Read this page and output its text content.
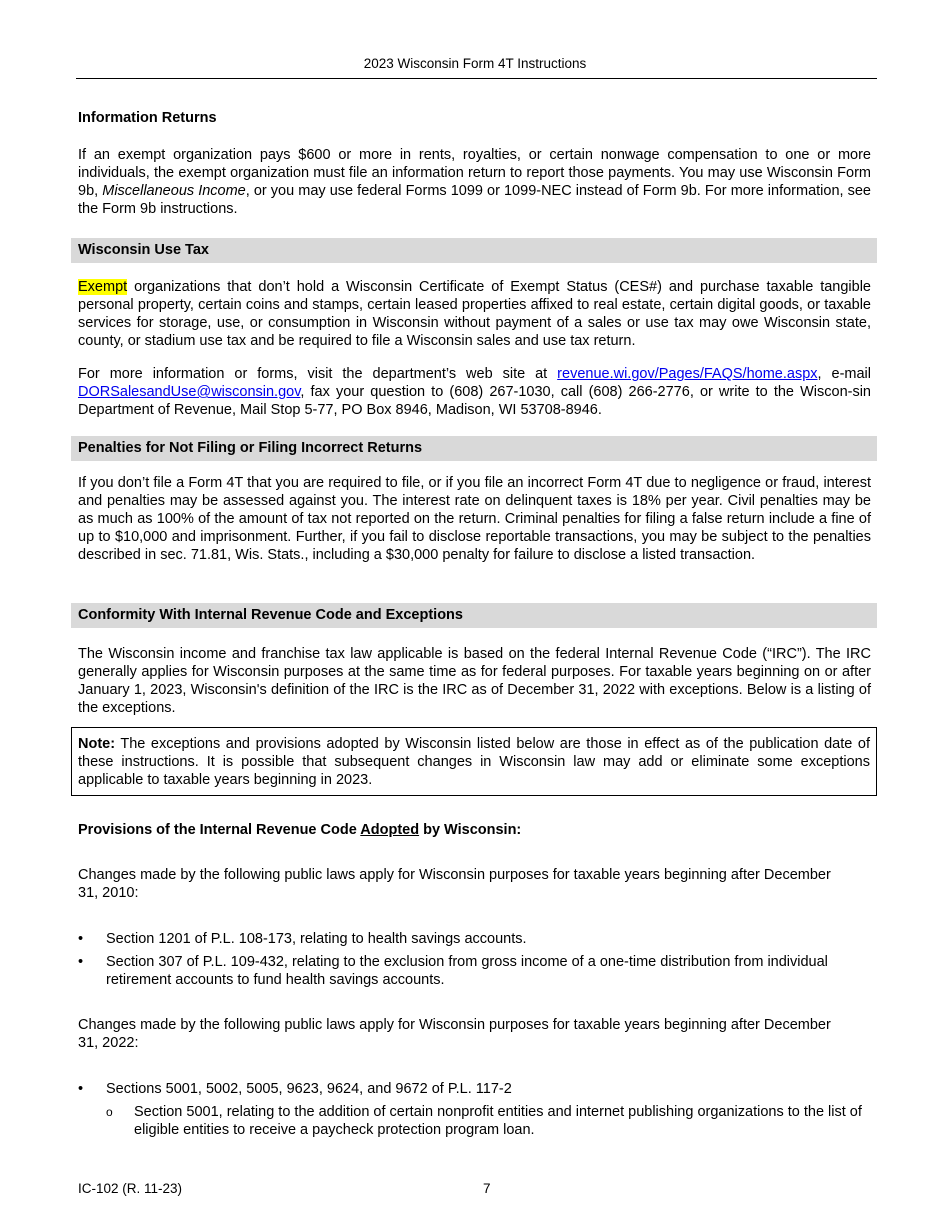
2023 Wisconsin Form 4T Instructions
Information Returns
If an exempt organization pays $600 or more in rents, royalties, or certain nonwage compensation to one or more individuals, the exempt organization must file an information return to report those payments. You may use Wisconsin Form 9b, Miscellaneous Income, or you may use federal Forms 1099 or 1099-NEC instead of Form 9b. For more information, see the Form 9b instructions.
Wisconsin Use Tax
Exempt organizations that don’t hold a Wisconsin Certificate of Exempt Status (CES#) and purchase taxable tangible personal property, certain coins and stamps, certain leased properties affixed to real estate, certain digital goods, or taxable services for storage, use, or consumption in Wisconsin without payment of a sales or use tax may owe Wisconsin state, county, or stadium use tax and be required to file a Wisconsin sales and use tax return.
For more information or forms, visit the department’s web site at revenue.wi.gov/Pages/FAQS/home.aspx, e-mail DORSalesandUse@wisconsin.gov, fax your question to (608) 267-1030, call (608) 266-2776, or write to the Wiscon-sin Department of Revenue, Mail Stop 5-77, PO Box 8946, Madison, WI 53708-8946.
Penalties for Not Filing or Filing Incorrect Returns
If you don’t file a Form 4T that you are required to file, or if you file an incorrect Form 4T due to negligence or fraud, interest and penalties may be assessed against you. The interest rate on delinquent taxes is 18% per year. Civil penalties may be as much as 100% of the amount of tax not reported on the return. Criminal penalties for filing a false return include a fine of up to $10,000 and imprisonment. Further, if you fail to disclose reportable transactions, you may be subject to the penalties described in sec. 71.81, Wis. Stats., including a $30,000 penalty for failure to disclose a listed transaction.
Conformity With Internal Revenue Code and Exceptions
The Wisconsin income and franchise tax law applicable is based on the federal Internal Revenue Code (“IRC”). The IRC generally applies for Wisconsin purposes at the same time as for federal purposes. For taxable years beginning on or after January 1, 2023, Wisconsin's definition of the IRC is the IRC as of December 31, 2022 with exceptions. Below is a listing of the exceptions.
Note: The exceptions and provisions adopted by Wisconsin listed below are those in effect as of the publication date of these instructions. It is possible that subsequent changes in Wisconsin law may add or eliminate some exceptions applicable to taxable years beginning in 2023.
Provisions of the Internal Revenue Code Adopted by Wisconsin:
Changes made by the following public laws apply for Wisconsin purposes for taxable years beginning after December 31, 2010:
• Section 1201 of P.L. 108-173, relating to health savings accounts.
• Section 307 of P.L. 109-432, relating to the exclusion from gross income of a one-time distribution from individual retirement accounts to fund health savings accounts.
Changes made by the following public laws apply for Wisconsin purposes for taxable years beginning after December 31, 2022:
• Sections 5001, 5002, 5005, 9623, 9624, and 9672 of P.L. 117-2
o Section 5001, relating to the addition of certain nonprofit entities and internet publishing organizations to the list of eligible entities to receive a paycheck protection program loan.
IC-102 (R. 11-23)	7
